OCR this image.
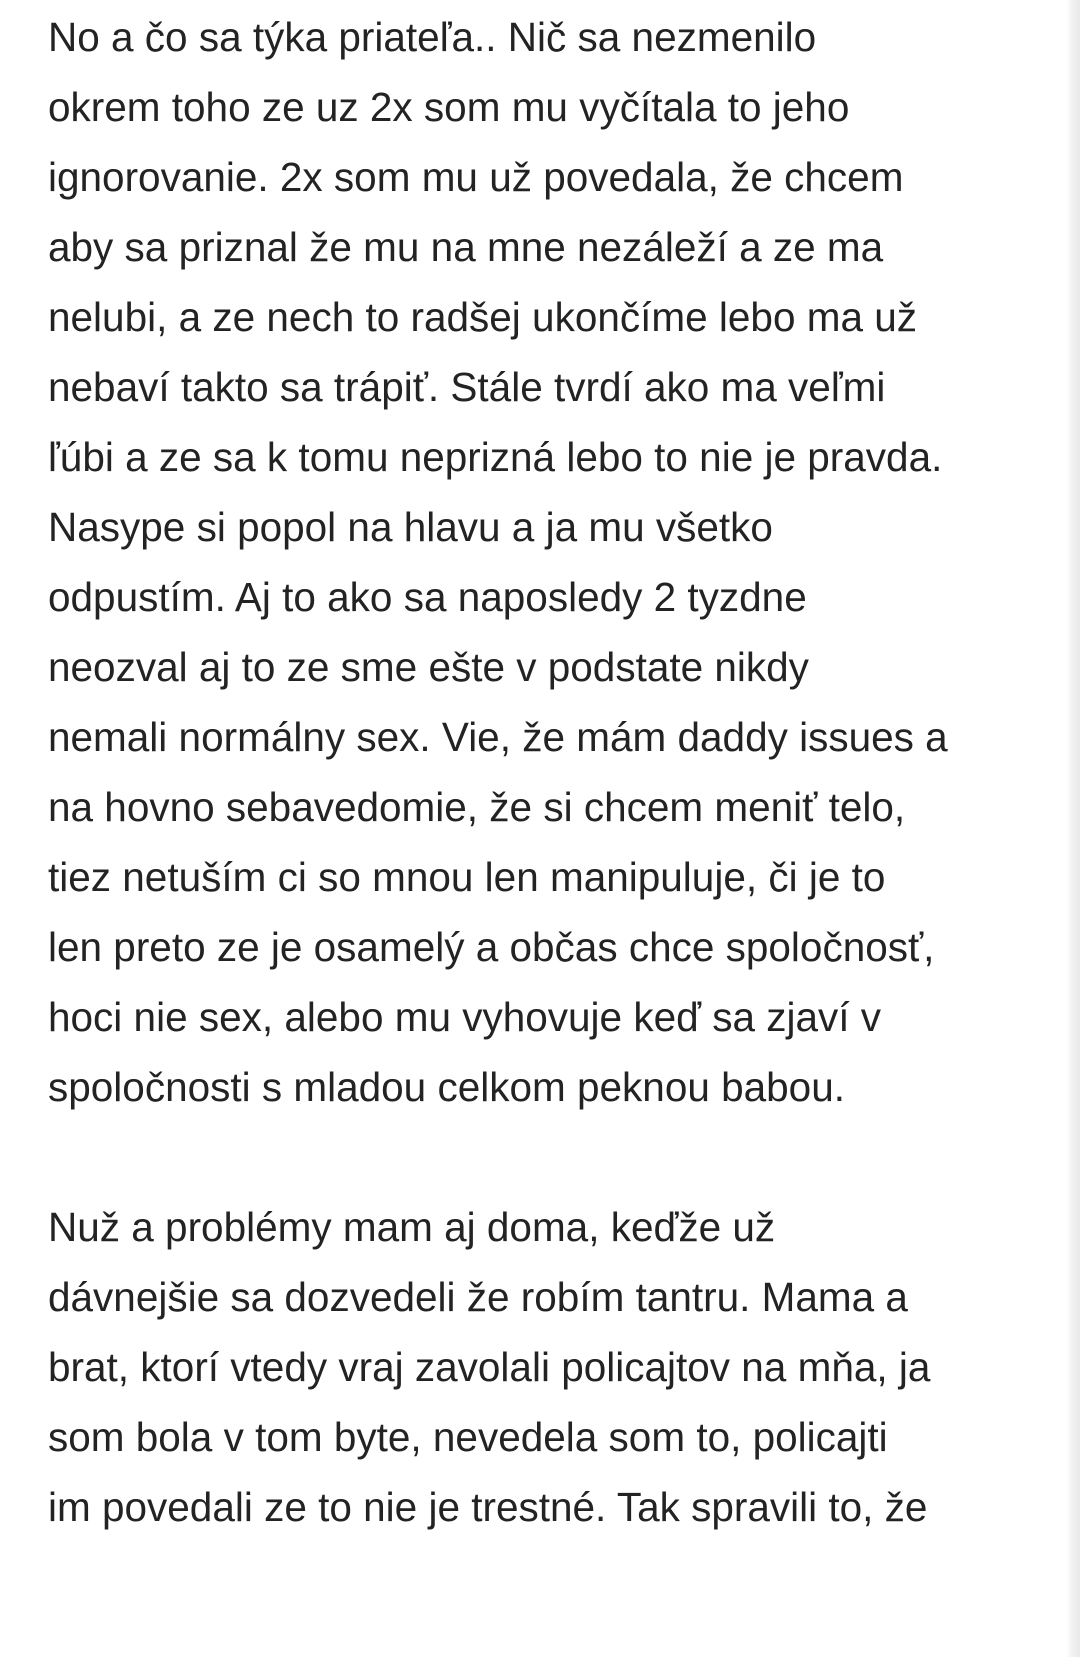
No a čo sa týka priateľa.. Nič sa nezmenilo
okrem toho ze uz 2x som mu vyčítala to jeho
ignorovanie. 2x som mu už povedala, že chcem
aby sa priznal že mu na mne nezáleží a ze ma
nelubi, a ze nech to radšej ukončíme lebo ma už
nebaví takto sa trápiť. Stále tvrdí ako ma veľmi
ľúbi a ze sa k tomu neprizná lebo to nie je pravda.
Nasype si popol na hlavu a ja mu všetko
odpustím. Aj to ako sa naposledy 2 tyzdne
neozval aj to ze sme ešte v podstate nikdy
nemali normálny sex. Vie, že mám daddy issues a
na hovno sebavedomie, že si chcem meniť telo,
tiez netuším ci so mnou len manipuluje, či je to
len preto ze je osamelý a občas chce spoločnosť,
hoci nie sex, alebo mu vyhovuje keď sa zjaví v
spoločnosti s mladou celkom peknou babou.
Nuž a problémy mam aj doma, keďže už
dávnejšie sa dozvedeli že robím tantru. Mama a
brat, ktorí vtedy vraj zavolali policajtov na mňa, ja
som bola v tom byte, nevedela som to, policajti
im povedali ze to nie je trestné. Tak spravili to, že
